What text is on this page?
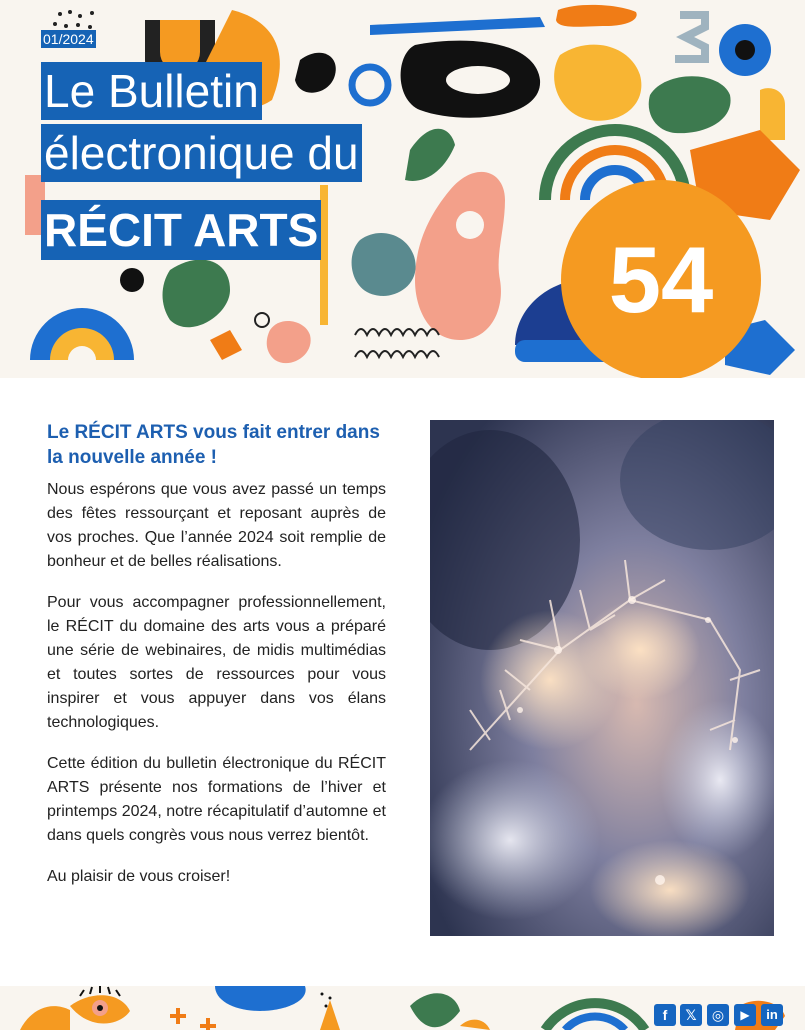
01/2024
Le Bulletin
électronique du
RÉCIT ARTS	54
Le RÉCIT ARTS vous fait entrer dans la nouvelle année !

Nous espérons que vous avez passé un temps des fêtes ressourçant et reposant auprès de vos proches. Que l’année 2024 soit remplie de bonheur et de belles réalisations.

Pour vous accompagner professionnellement, le RÉCIT du domaine des arts vous a préparé une série de webinaires, de midis multimédias et toutes sortes de ressources pour vous inspirer et vous appuyer dans vos élans technologiques.

Cette édition du bulletin électronique du RÉCIT ARTS présente nos formations de l’hiver et printemps 2024, notre récapitulatif d’automne et dans quels congrès vous nous verrez bientôt.

Au plaisir de vous croiser!

f	𝕏	◎	▶	in
